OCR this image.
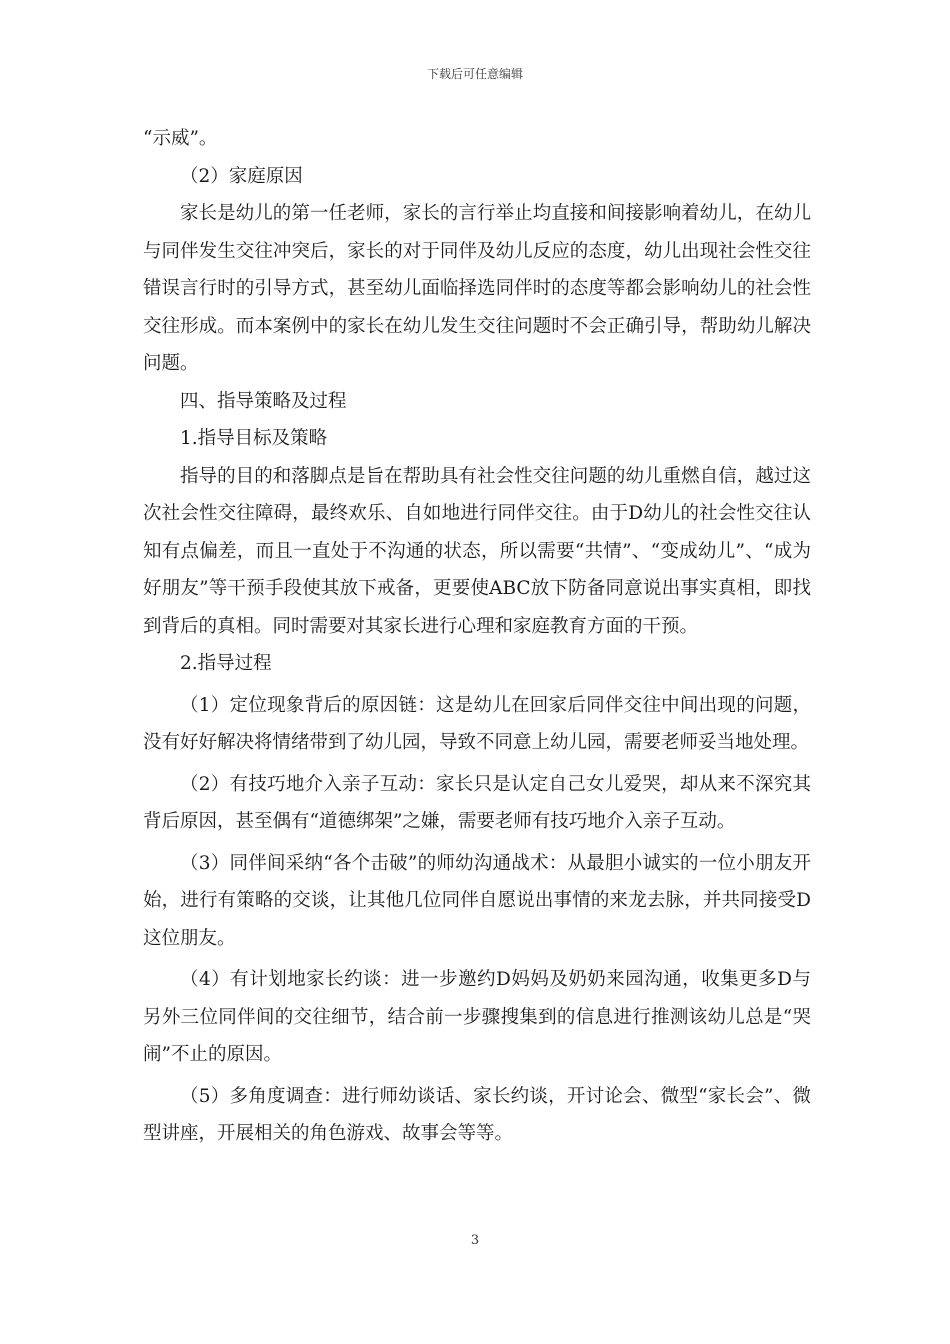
下载后可任意编辑

“示威”。

（2）家庭原因

家长是幼儿的第一任老师，家长的言行举止均直接和间接影响着幼儿，在幼儿与同伴发生交往冲突后，家长的对于同伴及幼儿反应的态度，幼儿出现社会性交往错误言行时的引导方式，甚至幼儿面临择选同伴时的态度等都会影响幼儿的社会性交往形成。而本案例中的家长在幼儿发生交往问题时不会正确引导，帮助幼儿解决问题。

四、指导策略及过程

1.指导目标及策略

指导的目的和落脚点是旨在帮助具有社会性交往问题的幼儿重燃自信，越过这次社会性交往障碍，最终欢乐、自如地进行同伴交往。由于D幼儿的社会性交往认知有点偏差，而且一直处于不沟通的状态，所以需要“共情”、“变成幼儿”、“成为好朋友”等干预手段使其放下戒备，更要使ABC放下防备同意说出事实真相，即找到背后的真相。同时需要对其家长进行心理和家庭教育方面的干预。

2.指导过程

（1）定位现象背后的原因链：这是幼儿在回家后同伴交往中间出现的问题，没有好好解决将情绪带到了幼儿园，导致不同意上幼儿园，需要老师妥当地处理。

（2）有技巧地介入亲子互动：家长只是认定自己女儿爱哭，却从来不深究其背后原因，甚至偶有“道德绑架”之嫌，需要老师有技巧地介入亲子互动。

（3）同伴间采纳“各个击破”的师幼沟通战术：从最胆小诚实的一位小朋友开始，进行有策略的交谈，让其他几位同伴自愿说出事情的来龙去脉，并共同接受D这位朋友。

（4）有计划地家长约谈：进一步邀约D妈妈及奶奶来园沟通，收集更多D与另外三位同伴间的交往细节，结合前一步骤搜集到的信息进行推测该幼儿总是“哭闹”不止的原因。

（5）多角度调查：进行师幼谈话、家长约谈，开讨论会、微型“家长会”、微型讲座，开展相关的角色游戏、故事会等等。

3
